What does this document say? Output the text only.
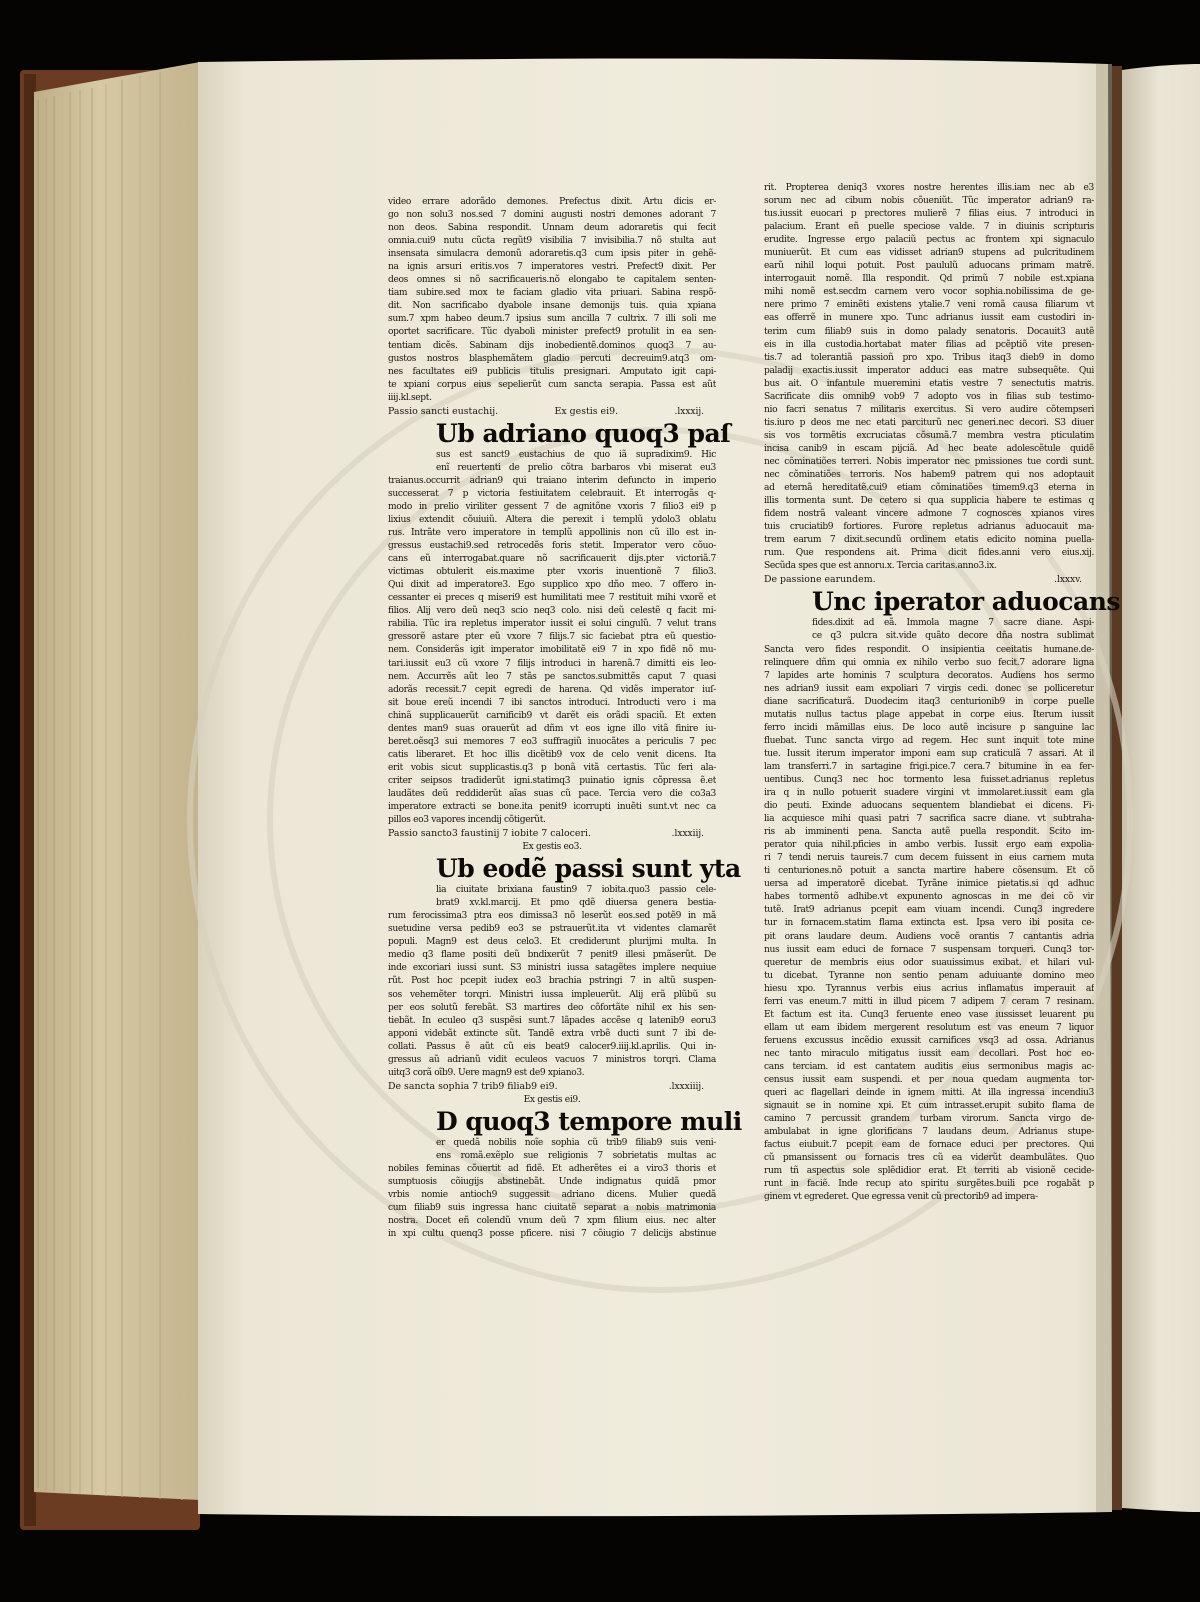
video errare adorãdo demones. Prefectus dixit. Artu dicis er-
go non solu3 nos.sed 7 domini augusti nostri demones adorant 7
non deos. Sabina respondit. Unnam deum adoraretis qui fecit
omnia.cui9 nutu cũcta regũt9 visibilia 7 invisibilia.7 nõ stulta aut
insensata simulacra demonũ adoraretis.q3 cum ipsis piter in gehẽ-
na ignis arsuri eritis.vos 7 imperatores vestri. Prefect9 dixit. Per
deos omnes si nõ sacrificaueris.nõ elongabo te capitalem senten-
tiam subire.sed mox te faciam gladio vita priuari. Sabina respõ-
dit. Non sacrificabo dyabole insane demonijs tuis. quia xpiana
sum.7 xpm habeo deum.7 ipsius sum ancilla 7 cultrix. 7 illi soli me
oportet sacrificare. Tũc dyaboli minister prefect9 protulit in ea sen-
tentiam dicẽs. Sabinam dijs inobedientẽ.dominos quoq3 7 au-
gustos nostros blasphemãtem gladio percuti decreuim9.atq3 om-
nes facultates ei9 publicis titulis presignari. Amputato igit capi-
te xpiani corpus eius sepelierũt cum sancta serapia. Passa est aũt
iiij.kl.sept.
Passio sancti eustachij.	Ex gestis ei9.	.lxxxij.
Ub adriano quoq3 paſ
sus est sanct9 eustachius de quo iã supradixim9. Hic
enĩ reuertenti de prelio cõtra barbaros vbi miserat eu3
traianus.occurrit adrian9 qui traiano interim defuncto in imperio
successerat 7 p victoria festiuitatem celebrauit. Et interrogãs q-
modo in prelio viriliter gessent 7 de agnitõne vxoris 7 filio3 ei9 p
lixius extendit cõuiuiũ. Altera die perexit i templũ ydolo3 oblatu
rus. Intrãte vero imperatore in templũ appollinis non cũ illo est in-
gressus eustachi9.sed retrocedẽs foris stetit. Imperator vero cõuo-
cans eũ interrogabat.quare nõ sacrificauerit dijs.pter victoriã.7
victimas obtulerit eis.maxime pter vxoris inuentionẽ 7 filio3.
Qui dixit ad imperatore3. Ego supplico xpo dño meo. 7 offero in-
cessanter ei preces q miseri9 est humilitati mee 7 restituit mihi vxorẽ et
filios. Alij vero deũ neq3 scio neq3 colo. nisi deũ celestẽ q facit mi-
rabilia. Tũc ira repletus imperator iussit ei solui cingulũ. 7 velut trans
gressorẽ astare pter eũ vxore 7 filijs.7 sic faciebat ptra eũ questio-
nem. Considerãs igit imperator imobilitatẽ ei9 7 in xpo fidẽ nõ mu-
tari.iussit eu3 cũ vxore 7 filijs introduci in harenã.7 dimitti eis leo-
nem. Accurrẽs aũt leo 7 stãs pe sanctos.submittẽs caput 7 quasi
adorãs recessit.7 cepit egredi de harena. Qd vidẽs imperator iuſ-
sit boue ereũ incendi 7 ibi sanctos introduci. Introducti vero i ma
chinã supplicauerũt carnificib9 vt darẽt eis orãdi spaciũ. Et exten
dentes man9 suas orauerũt ad dñm vt eos igne illo vitã finire iu-
beret.oẽsq3 sui memores 7 eo3 suffragiũ inuocãtes a periculis 7 pec
catis liberaret. Et hoc illis dicẽtib9 vox de celo venit dicens. Ita
erit vobis sicut supplicastis.q3 p bonã vitã certastis. Tũc feri ala-
criter seipsos tradiderũt igni.statimq3 puinatio ignis cõpressa ẽ.et
laudãtes deũ reddiderũt aĩas suas cũ pace. Tercia vero die co3a3
imperatore extracti se bone.ita penit9 icorrupti inuẽti sunt.vt nec ca
pillos eo3 vapores incendij cõtigerũt.
Passio sancto3 faustinij 7 iobite 7 caloceri.	.lxxxiij.
Ex gestis eo3.
Ub eodẽ passi sunt yta
lia ciuitate brixiana faustin9 7 iobita.quo3 passio cele-
brat9 xv.kl.marcij. Et pmo qdẽ diuersa genera bestia-
rum ferocissima3 ptra eos dimissa3 nõ leserũt eos.sed potẽ9 in mã
suetudine versa pedib9 eo3 se pstrauerũt.ita vt videntes clamarẽt
populi. Magn9 est deus celo3. Et crediderunt plurijmi multa. In
medio q3 flame positi deũ bndixerũt 7 penit9 illesi pmãserũt. De
inde excoriari iussi sunt. S3 ministri iussa satagẽtes implere nequiue
rũt. Post hoc pcepit iudex eo3 brachia pstringi 7 in altũ suspen-
sos vehemẽter torqri. Ministri iussa impleuerũt. Alij erã plũbũ su
per eos solutũ ferebãt. S3 martires deo cõfortãte nihil ex his sen-
tiebãt. In eculeo q3 suspẽsi sunt.7 lãpades accẽse q latenib9 eoru3
apponi videbãt extincte sũt. Tandẽ extra vrbẽ ducti sunt 7 ibi de-
collati. Passus ẽ aũt cũ eis beat9 calocer9.iiij.kl.aprilis. Qui in-
gressus aũ adrianũ vidit eculeos vacuos 7 ministros torqri. Clama
uitq3 corã oĩb9. Uere magn9 est de9 xpiano3.
De sancta sophia 7 trib9 filiab9 ei9.	.lxxxiiij.
Ex gestis ei9.
D quoq3 tempore muli
er quedã nobilis noĩe sophia cũ trib9 filiab9 suis veni-
ens romã.exẽplo sue religionis 7 sobrietatis multas ac
nobiles feminas cõuertit ad fidẽ. Et adherẽtes ei a viro3 thoris et
sumptuosis cõiugijs abstinebãt. Unde indignatus quidã pmor
vrbis nomie antioch9 suggessit adriano dicens. Mulier quedã
cum filiab9 suis ingressa hanc ciuitatẽ separat a nobis matrimonia
nostra. Docet eñ colendũ vnum deũ 7 xpm filium eius. nec alter
in xpi cultu quenq3 posse pficere. nisi 7 cõiugio 7 delicijs abstinue
rit. Propterea deniq3 vxores nostre herentes illis.iam nec ab e3
sorum nec ad cibum nobis cõueniũt. Tũc imperator adrian9 ra-
tus.iussit euocari p prectores mulierẽ 7 filias eius. 7 introduci in
palacium. Erant eñ puelle speciose valde. 7 in diuinis scripturis
erudite. Ingresse ergo palaciũ pectus ac frontem xpi signaculo
muniuerũt. Et cum eas vidisset adrian9 stupens ad pulcritudinem
earũ nihil loqui potuit. Post paululũ aduocans primam matrẽ.
interrogauit nomẽ. Illa respondit. Qd primũ 7 nobile est.xpiana
mihi nomẽ est.secdm carnem vero vocor sophia.nobilissima de ge-
nere primo 7 eminẽti existens ytalie.7 veni romã causa filiarum vt
eas offerrẽ in munere xpo. Tunc adrianus iussit eam custodiri in-
terim cum filiab9 suis in domo palady senatoris. Docauit3 autẽ
eis in illa custodia.hortabat mater filias ad pcẽptiõ vite presen-
tis.7 ad tolerantiã passioñ pro xpo. Tribus itaq3 dieb9 in domo
paladij exactis.iussit imperator adduci eas matre subsequẽte. Qui
bus ait. O infantule mueremini etatis vestre 7 senectutis matris.
Sacrificate diis omnib9 vob9 7 adopto vos in filias sub testimo-
nio facri senatus 7 militaris exercitus. Si vero audire cõtempseri
tis.iuro p deos me nec etati parciturũ nec generi.nec decori. S3 diuer
sis vos tormẽtis excruciatas cõsumã.7 membra vestra pticulatim
incisa canib9 in escam pijciã. Ad hec beate adolescẽtule quidẽ
nec cõminatiões terreri. Nobis imperator nec pmissiones tue cordi sunt.
nec cõminatiões terroris. Nos habem9 patrem qui nos adoptauit
ad eternã hereditatẽ.cui9 etiam cõminatiões timem9.q3 eterna in
illis tormenta sunt. De cetero si qua supplicia habere te estimas q
fidem nostrã valeant vincere admone 7 cognosces xpianos vires
tuis cruciatib9 fortiores. Furore repletus adrianus aduocauit ma-
trem earum 7 dixit.secundũ ordinem etatis edicito nomina puella-
rum. Que respondens ait. Prima dicit fides.anni vero eius.xij.
Secũda spes que est annoru.x. Tercia caritas.anno3.ix.
De passione earundem.	.lxxxv.
Unc iperator aduocans
fides.dixit ad eã. Immola magne 7 sacre diane. Aspi-
ce q3 pulcra sit.vide quãto decore dña nostra sublimat
Sancta vero fides respondit. O insipientia ceeitatis humane.de-
relinquere dñm qui omnia ex nihilo verbo suo fecit.7 adorare ligna
7 lapides arte hominis 7 sculptura decoratos. Audiens hos sermo
nes adrian9 iussit eam expoliari 7 virgis cedi. donec se polliceretur
diane sacrificaturã. Duodecim itaq3 centurionib9 in corpe puelle
mutatis nullus tactus plage appebat in corpe eius. Iterum iussit
ferro incidi mãmillas eius. De loco autẽ incisure p sanguine lac
fluebat. Tunc sancta virgo ad regem. Hec sunt inquit tote mine
tue. Iussit iterum imperator imponi eam sup craticulã 7 assari. At il
lam transferri.7 in sartagine frigi.pice.7 cera.7 bitumine in ea fer-
uentibus. Cunq3 nec hoc tormento lesa fuisset.adrianus repletus
ira q in nullo potuerit suadere virgini vt immolaret.iussit eam gla
dio peuti. Exinde aduocans sequentem blandiebat ei dicens. Fi-
lia acquiesce mihi quasi patri 7 sacrifica sacre diane. vt subtraha-
ris ab imminenti pena. Sancta autẽ puella respondit. Scito im-
perator quia nihil.pficies in ambo verbis. Iussit ergo eam expolia-
ri 7 tendi neruis taureis.7 cum decem fuissent in eius carnem muta
ti centuriones.nõ potuit a sancta martire habere cõsensum. Et cõ
uersa ad imperatorẽ dicebat. Tyrãne inimice pietatis.si qd adhuc
habes tormentõ adhibe.vt expunento agnoscas in me dei cõ vir
tutẽ. Irat9 adrianus pcepit eam viuam incendi. Cunq3 ingredere
tur in fornacem.statim flama extincta est. Ipsa vero ibi posita ce-
pit orans laudare deum. Audiens vocẽ orantis 7 cantantis adria
nus iussit eam educi de fornace 7 suspensam torqueri. Cunq3 tor-
queretur de membris eius odor suauissimus exibat. et hilari vul-
tu dicebat. Tyranne non sentio penam aduiuante domino meo
hiesu xpo. Tyrannus verbis eius acrius inflamatus imperauit af
ferri vas eneum.7 mitti in illud picem 7 adipem 7 ceram 7 resinam.
Et factum est ita. Cunq3 feruente eneo vase iussisset leuarent pu
ellam ut eam ibidem mergerent resolutum est vas eneum 7 liquor
feruens excussus incẽdio exussit carnifices vsq3 ad ossa. Adrianus
nec tanto miraculo mitigatus iussit eam decollari. Post hoc eo-
cans terciam. id est cantatem auditis eius sermonibus magis ac-
census iussit eam suspendi. et per noua quedam augmenta tor-
queri ac flagellari deinde in ignem mitti. At illa ingressa incendiu3
signauit se in nomine xpi. Et cum intrasset.erupit subito flama de
camino 7 percussit grandem turbam virorum. Sancta virgo de-
ambulabat in igne glorificans 7 laudans deum. Adrianus stupe-
factus eiubuit.7 pcepit eam de fornace educi per prectores. Qui
cũ pmansissent ou fornacis tres cũ ea viderũt deambulãtes. Quo
rum tñ aspectus sole splẽdidior erat. Et territi ab visionẽ cecide-
runt in faciẽ. Inde recup ato spiritu surgẽtes.buili pce rogabãt p
ginem vt egrederet. Que egressa venit cũ prectorib9 ad impera-
